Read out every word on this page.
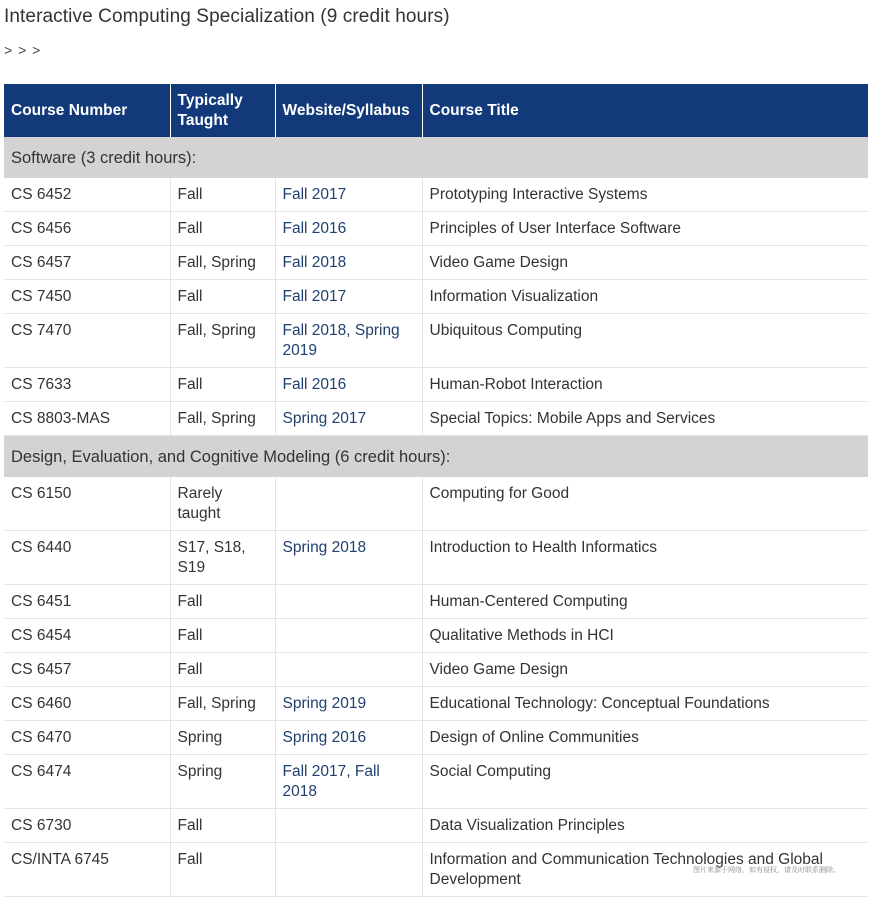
Interactive Computing Specialization (9 credit hours)
> > >
Course Number	Typically Taught	Website/Syllabus	Course Title
Software (3 credit hours):			
CS 6452	Fall	Fall 2017	Prototyping Interactive Systems
CS 6456	Fall	Fall 2016	Principles of User Interface Software
CS 6457	Fall, Spring	Fall 2018	Video Game Design
CS 7450	Fall	Fall 2017	Information Visualization
CS 7470	Fall, Spring	Fall 2018, Spring 2019	Ubiquitous Computing
CS 7633	Fall	Fall 2016	Human-Robot Interaction
CS 8803-MAS	Fall, Spring	Spring 2017	Special Topics: Mobile Apps and Services
Design, Evaluation, and Cognitive Modeling (6 credit hours):			
CS 6150	Rarely taught		Computing for Good
CS 6440	S17, S18, S19	Spring 2018	Introduction to Health Informatics
CS 6451	Fall		Human-Centered Computing
CS 6454	Fall		Qualitative Methods in HCI
CS 6457	Fall		Video Game Design
CS 6460	Fall, Spring	Spring 2019	Educational Technology: Conceptual Foundations
CS 6470	Spring	Spring 2016	Design of Online Communities
CS 6474	Spring	Fall 2017, Fall 2018	Social Computing
CS 6730	Fall		Data Visualization Principles
CS/INTA 6745	Fall		Information and Communication Technologies and Global Development
图片来源于网络，如有侵权，请及时联系删除。
